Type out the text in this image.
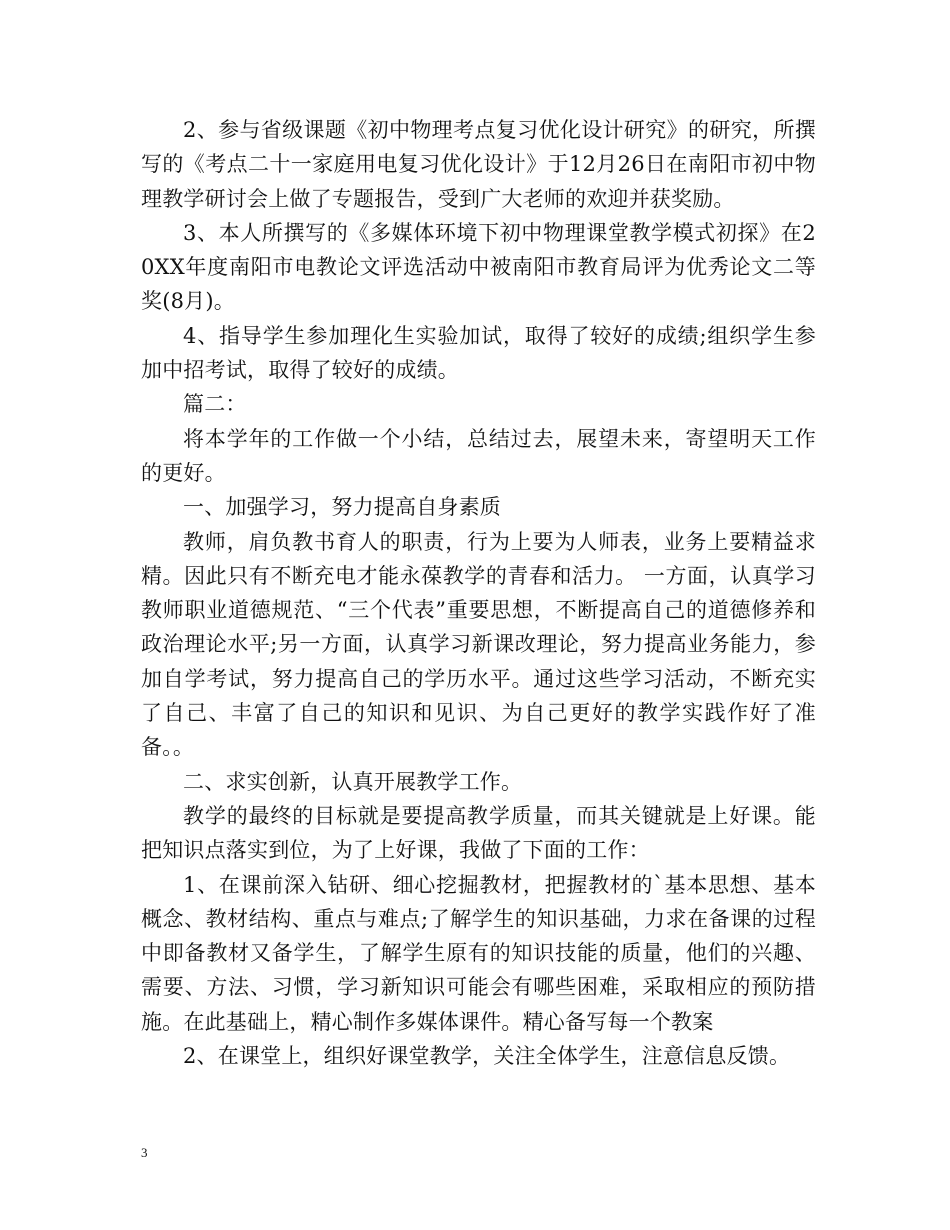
2、参与省级课题《初中物理考点复习优化设计研究》的研究，所撰写的《考点二十一家庭用电复习优化设计》于12月26日在南阳市初中物理教学研讨会上做了专题报告，受到广大老师的欢迎并获奖励。

3、本人所撰写的《多媒体环境下初中物理课堂教学模式初探》在20XX年度南阳市电教论文评选活动中被南阳市教育局评为优秀论文二等奖(8月)。

4、指导学生参加理化生实验加试，取得了较好的成绩;组织学生参加中招考试，取得了较好的成绩。

篇二：

将本学年的工作做一个小结，总结过去，展望未来，寄望明天工作的更好。

一、加强学习，努力提高自身素质

教师，肩负教书育人的职责，行为上要为人师表，业务上要精益求精。因此只有不断充电才能永葆教学的青春和活力。 一方面，认真学习教师职业道德规范、“三个代表”重要思想，不断提高自己的道德修养和政治理论水平;另一方面，认真学习新课改理论，努力提高业务能力，参加自学考试，努力提高自己的学历水平。通过这些学习活动，不断充实了自己、丰富了自己的知识和见识、为自己更好的教学实践作好了准备。。

二、求实创新，认真开展教学工作。

教学的最终的目标就是要提高教学质量，而其关键就是上好课。能把知识点落实到位，为了上好课，我做了下面的工作：

1、在课前深入钻研、细心挖掘教材，把握教材的`基本思想、基本概念、教材结构、重点与难点;了解学生的知识基础，力求在备课的过程中即备教材又备学生，了解学生原有的知识技能的质量，他们的兴趣、需要、方法、习惯，学习新知识可能会有哪些困难，采取相应的预防措施。在此基础上，精心制作多媒体课件。精心备写每一个教案

2、在课堂上，组织好课堂教学，关注全体学生，注意信息反馈。

3
